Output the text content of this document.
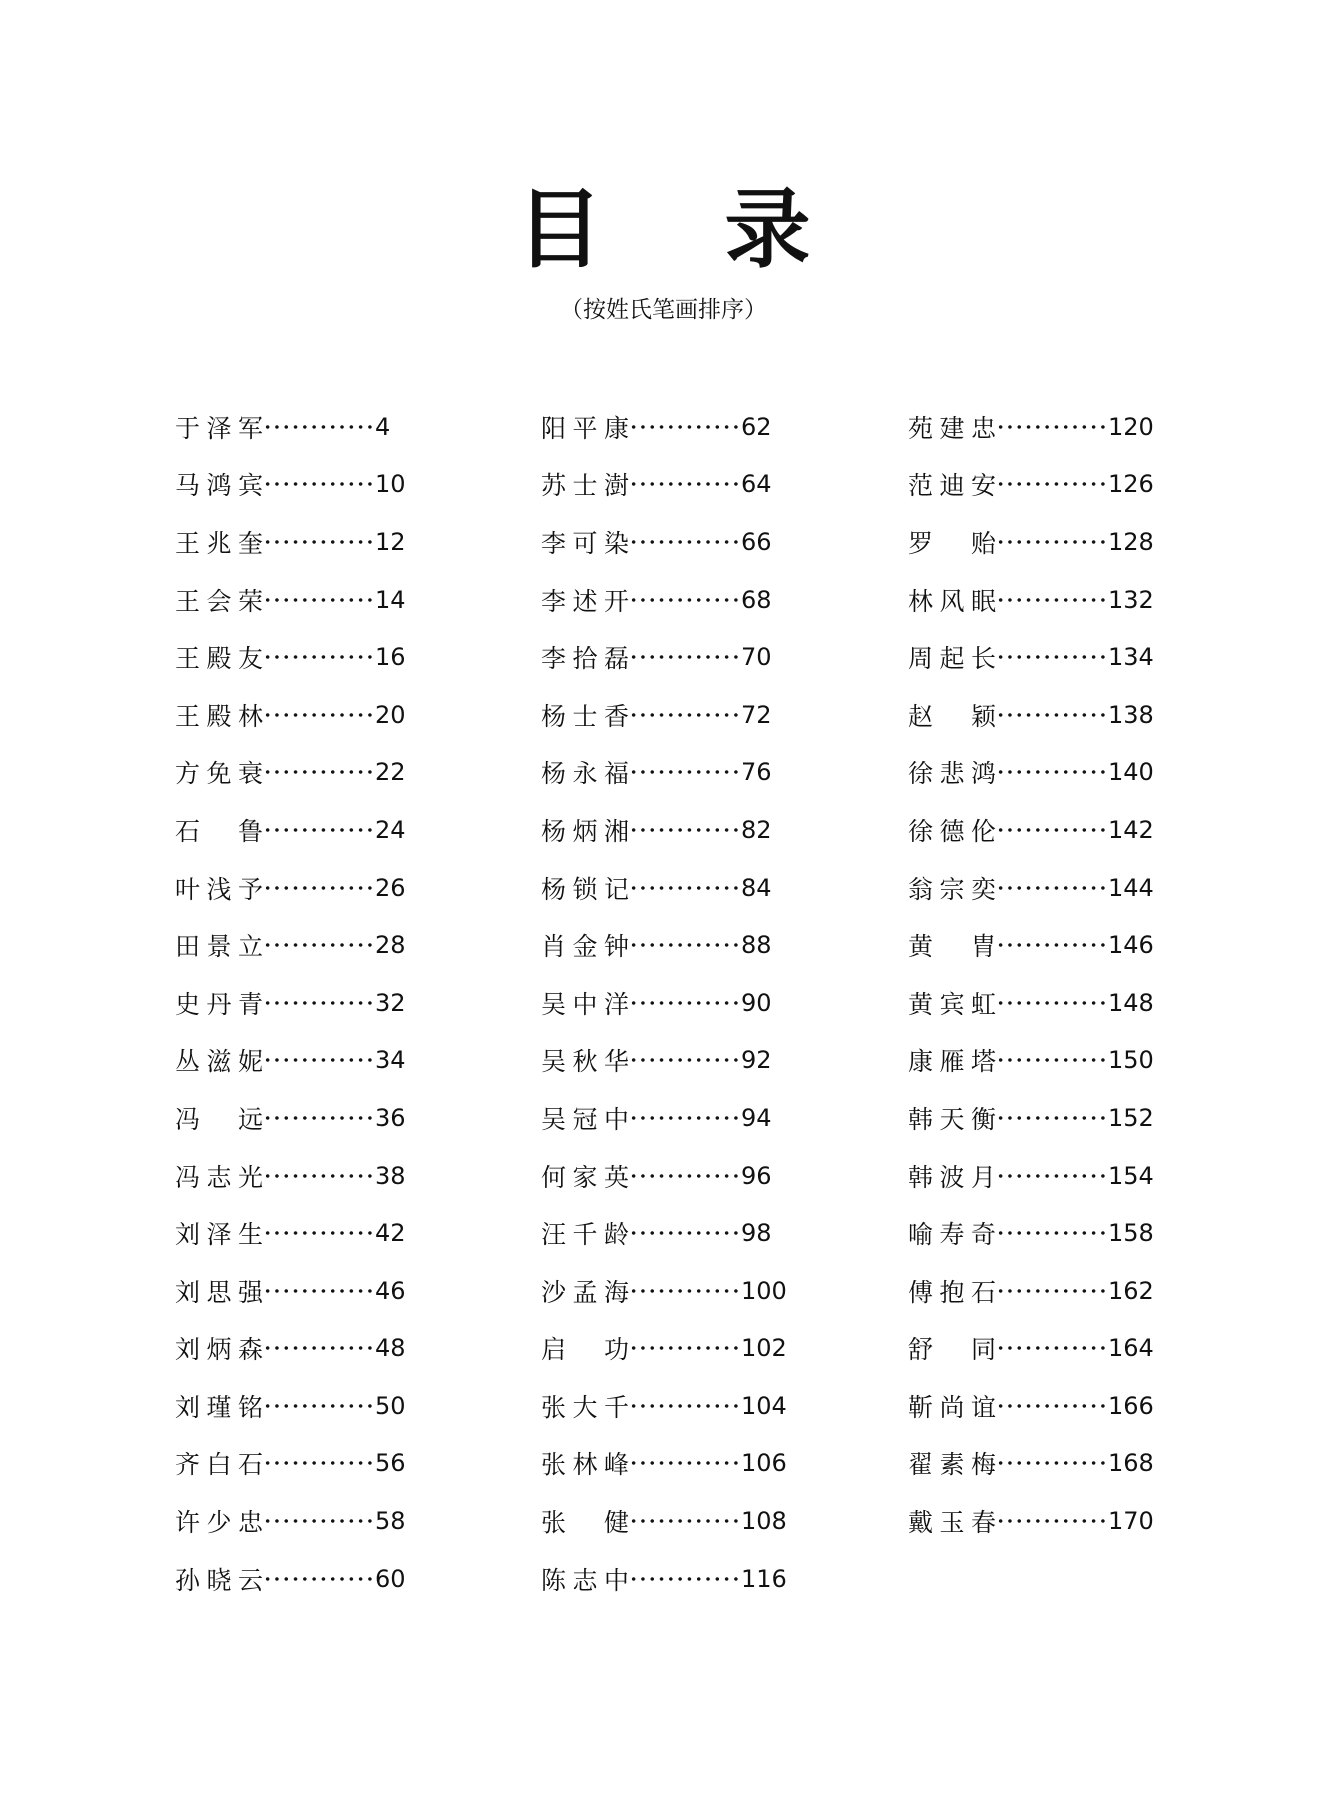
目 录
（按姓氏笔画排序）
于泽军	4
马鸿宾	10
王兆奎	12
王会荣	14
王殿友	16
王殿林	20
方免衰	22
石鲁	24
叶浅予	26
田景立	28
史丹青	32
丛滋妮	34
冯远	36
冯志光	38
刘泽生	42
刘思强	46
刘炳森	48
刘瑾铭	50
齐白石	56
许少忠	58
孙晓云	60
阳平康	62
苏士澍	64
李可染	66
李述开	68
李拾磊	70
杨士香	72
杨永福	76
杨炳湘	82
杨锁记	84
肖金钟	88
吴中洋	90
吴秋华	92
吴冠中	94
何家英	96
汪千龄	98
沙孟海	100
启功	102
张大千	104
张林峰	106
张健	108
陈志中	116
苑建忠	120
范迪安	126
罗贻	128
林风眠	132
周起长	134
赵颖	138
徐悲鸿	140
徐德伦	142
翁宗奕	144
黄胄	146
黄宾虹	148
康雁塔	150
韩天衡	152
韩波月	154
喻寿奇	158
傅抱石	162
舒同	164
靳尚谊	166
翟素梅	168
戴玉春	170
